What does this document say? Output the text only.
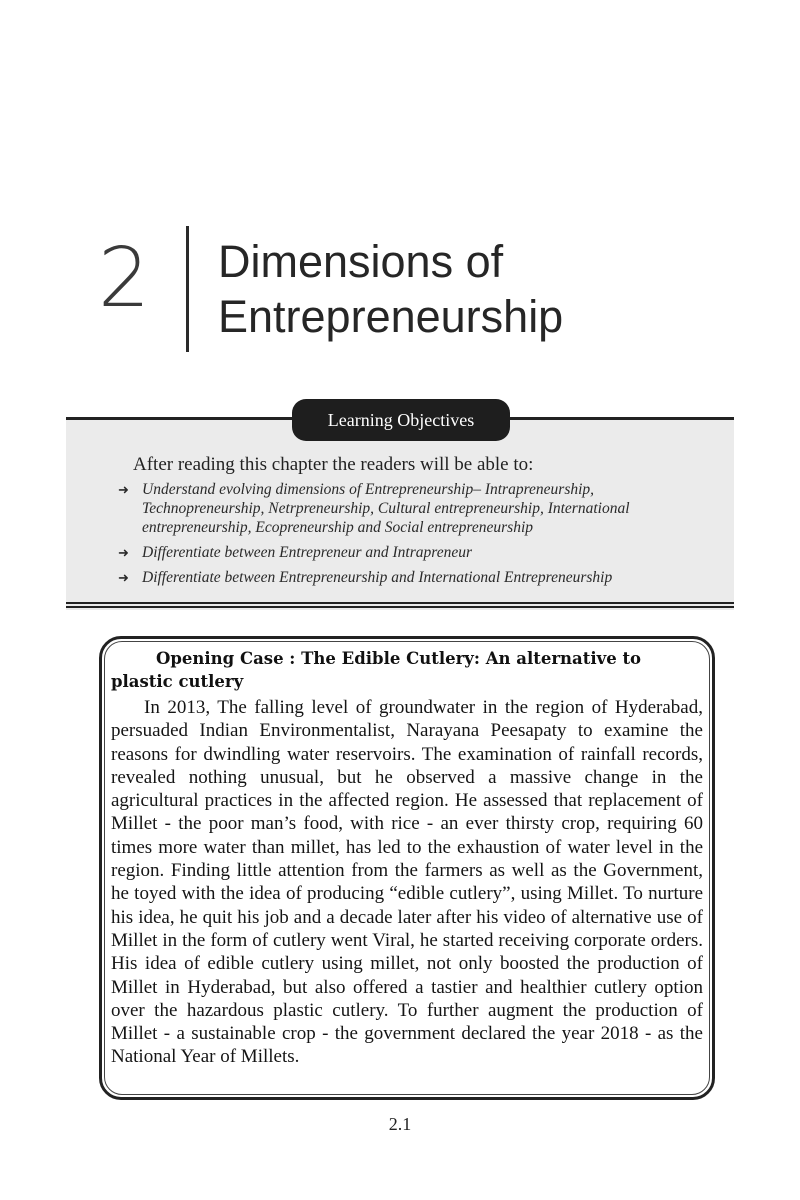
2 Dimensions of
Entrepreneurship
Learning Objectives
After reading this chapter the readers will be able to:
➜ Understand evolving dimensions of Entrepreneurship– Intrapreneurship, Technopreneurship, Netrpreneurship, Cultural entrepreneurship, International entrepreneurship, Ecopreneurship and Social entrepreneurship
➜ Differentiate between Entrepreneur and Intrapreneur
➜ Differentiate between Entrepreneurship and International Entrepreneurship
Opening Case : The Edible Cutlery: An alternative to plastic cutlery

In 2013, The falling level of groundwater in the region of Hyderabad, persuaded Indian Environmentalist, Narayana Peesapaty to examine the reasons for dwindling water reservoirs. The examination of rainfall records, revealed nothing unusual, but he observed a massive change in the agricultural practices in the affected region. He assessed that replacement of Millet - the poor man’s food, with rice - an ever thirsty crop, requiring 60 times more water than millet, has led to the exhaustion of water level in the region. Finding little attention from the farmers as well as the Government, he toyed with the idea of producing “edible cutlery”, using Millet. To nurture his idea, he quit his job and a decade later after his video of alternative use of Millet in the form of cutlery went Viral, he started receiving corporate orders. His idea of edible cutlery using millet, not only boosted the production of Millet in Hyderabad, but also offered a tastier and healthier cutlery option over the hazardous plastic cutlery. To further augment the production of Millet - a sustainable crop - the government declared the year 2018 - as the National Year of Millets.

2.1
